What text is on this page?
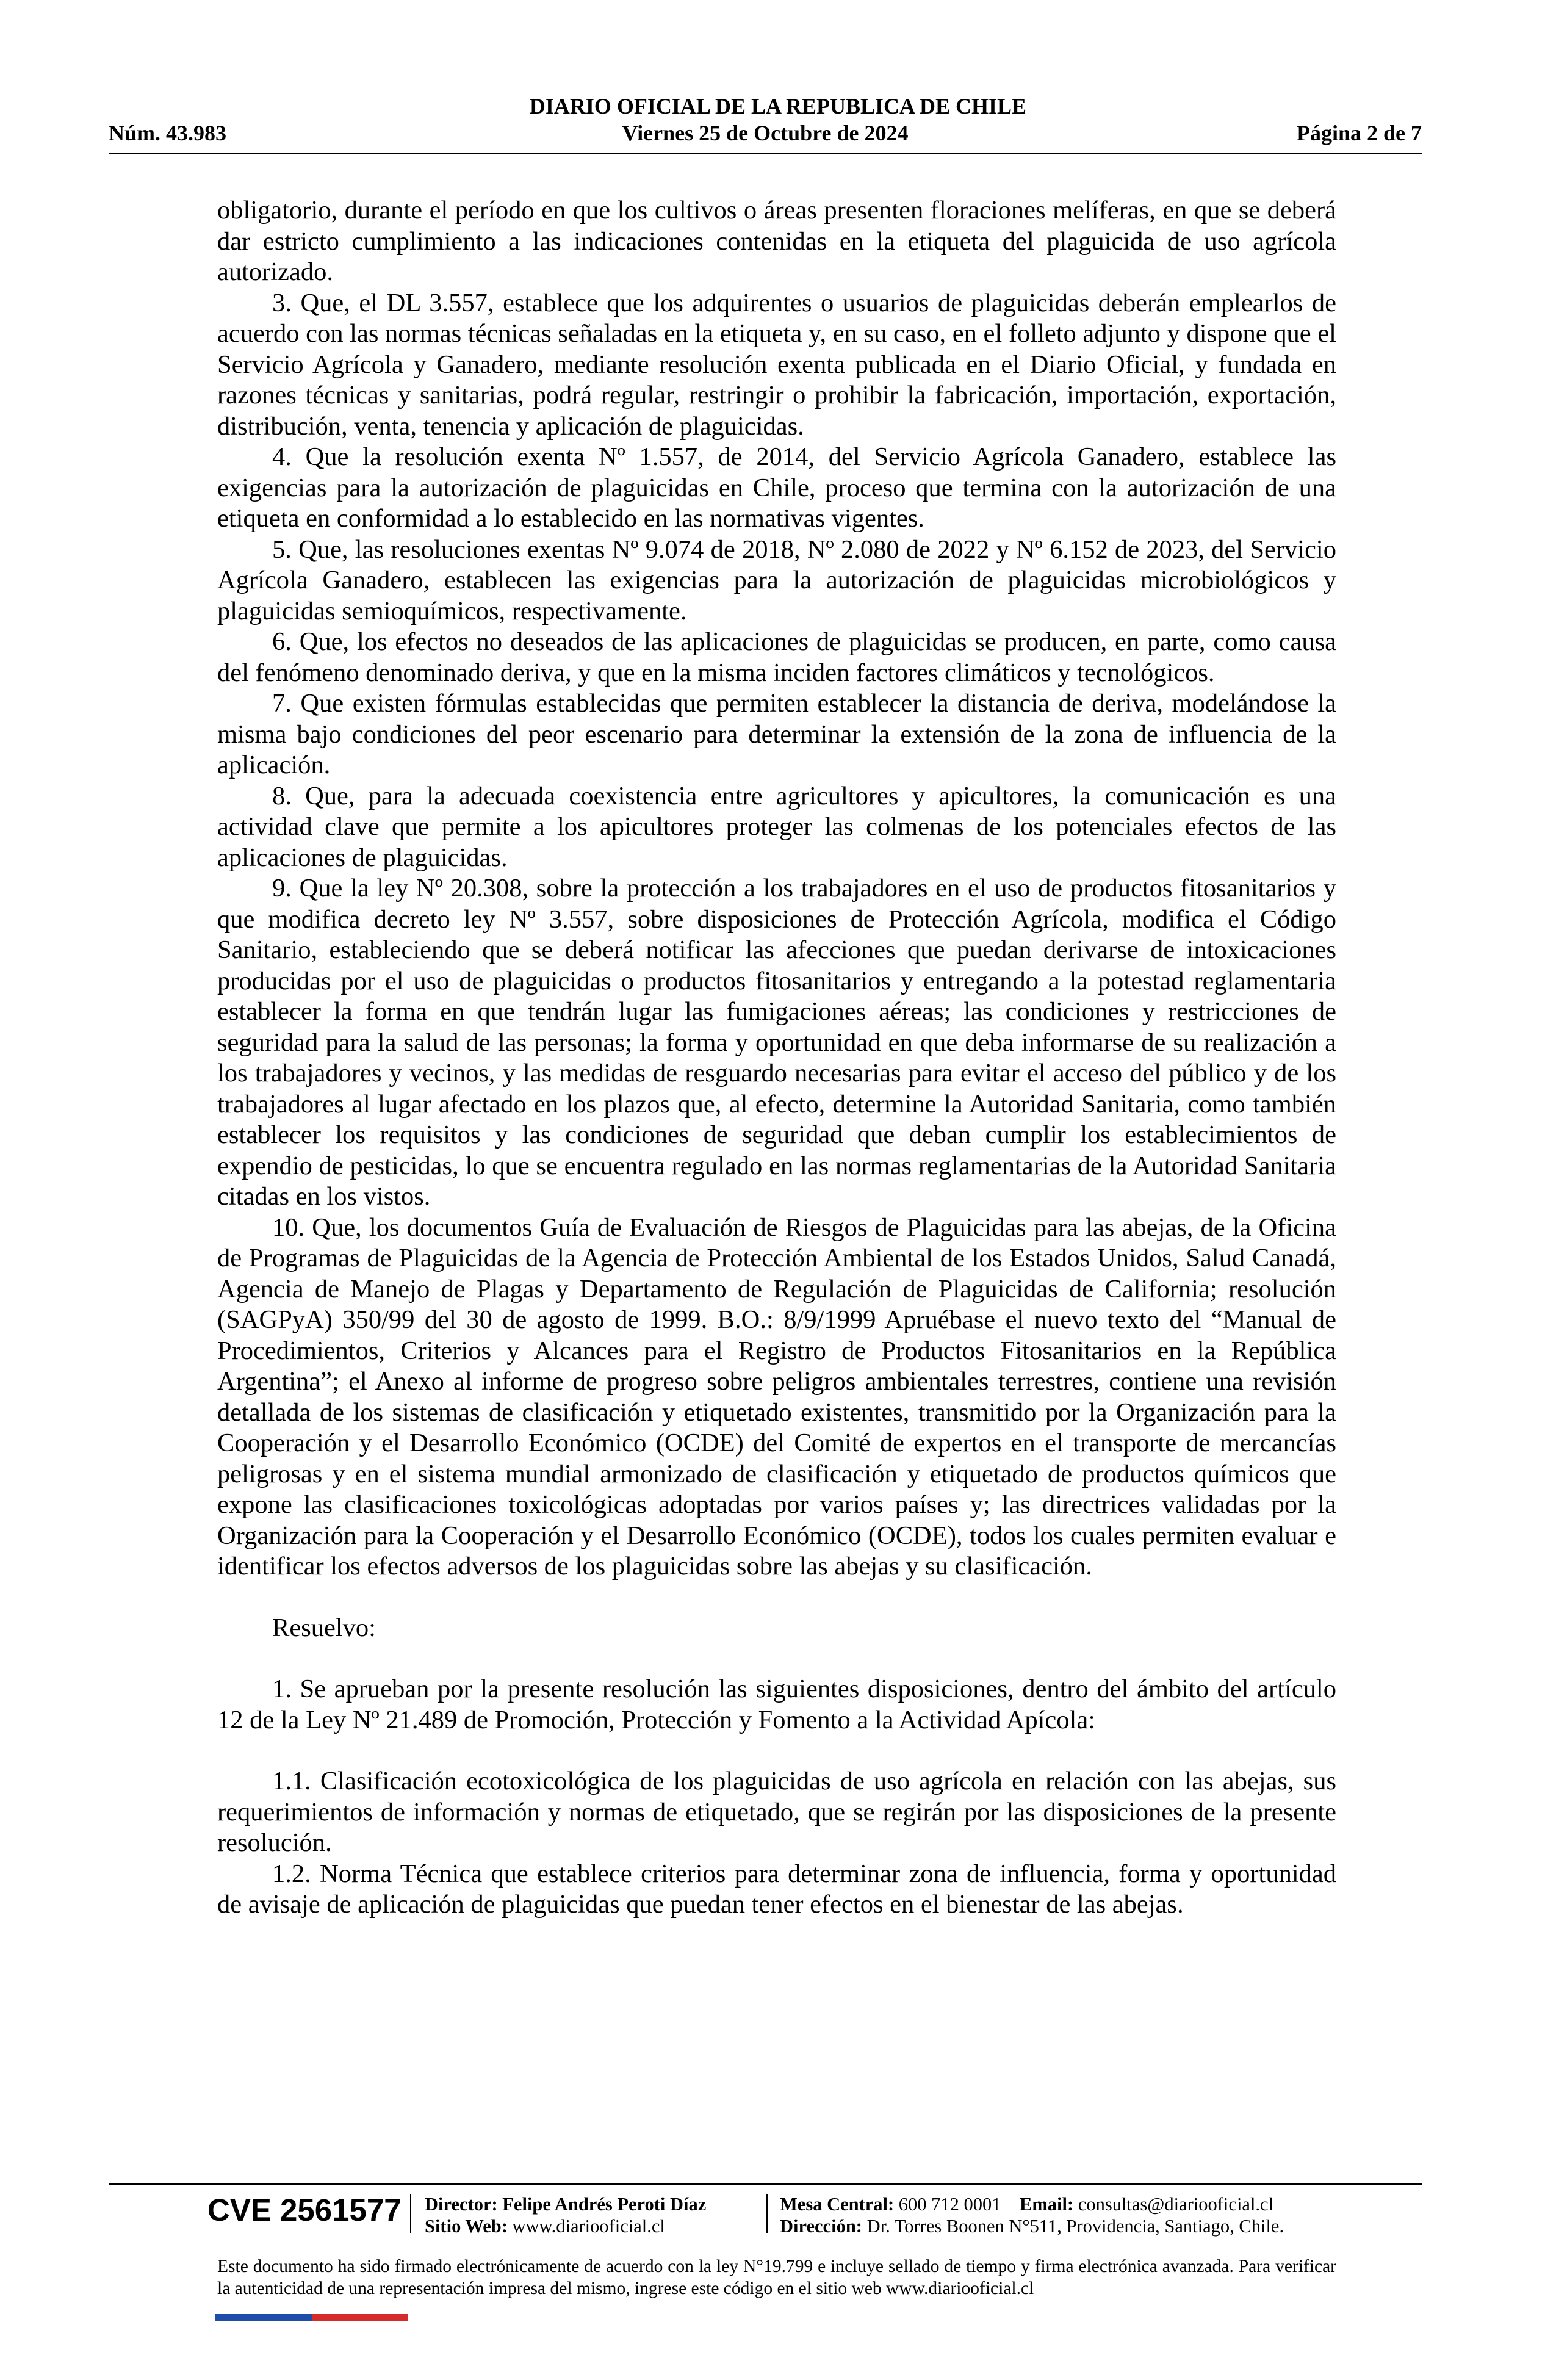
DIARIO OFICIAL DE LA REPUBLICA DE CHILE
Núm. 43.983	Viernes 25 de Octubre de 2024	Página 2 de 7

obligatorio, durante el período en que los cultivos o áreas presenten floraciones melíferas, en que se deberá dar estricto cumplimiento a las indicaciones contenidas en la etiqueta del plaguicida de uso agrícola autorizado.

3. Que, el DL 3.557, establece que los adquirentes o usuarios de plaguicidas deberán emplearlos de acuerdo con las normas técnicas señaladas en la etiqueta y, en su caso, en el folleto adjunto y dispone que el Servicio Agrícola y Ganadero, mediante resolución exenta publicada en el Diario Oficial, y fundada en razones técnicas y sanitarias, podrá regular, restringir o prohibir la fabricación, importación, exportación, distribución, venta, tenencia y aplicación de plaguicidas.

4. Que la resolución exenta Nº 1.557, de 2014, del Servicio Agrícola Ganadero, establece las exigencias para la autorización de plaguicidas en Chile, proceso que termina con la autorización de una etiqueta en conformidad a lo establecido en las normativas vigentes.

5. Que, las resoluciones exentas Nº 9.074 de 2018, Nº 2.080 de 2022 y Nº 6.152 de 2023, del Servicio Agrícola Ganadero, establecen las exigencias para la autorización de plaguicidas microbiológicos y plaguicidas semioquímicos, respectivamente.

6. Que, los efectos no deseados de las aplicaciones de plaguicidas se producen, en parte, como causa del fenómeno denominado deriva, y que en la misma inciden factores climáticos y tecnológicos.

7. Que existen fórmulas establecidas que permiten establecer la distancia de deriva, modelándose la misma bajo condiciones del peor escenario para determinar la extensión de la zona de influencia de la aplicación.

8. Que, para la adecuada coexistencia entre agricultores y apicultores, la comunicación es una actividad clave que permite a los apicultores proteger las colmenas de los potenciales efectos de las aplicaciones de plaguicidas.

9. Que la ley Nº 20.308, sobre la protección a los trabajadores en el uso de productos fitosanitarios y que modifica decreto ley Nº 3.557, sobre disposiciones de Protección Agrícola, modifica el Código Sanitario, estableciendo que se deberá notificar las afecciones que puedan derivarse de intoxicaciones producidas por el uso de plaguicidas o productos fitosanitarios y entregando a la potestad reglamentaria establecer la forma en que tendrán lugar las fumigaciones aéreas; las condiciones y restricciones de seguridad para la salud de las personas; la forma y oportunidad en que deba informarse de su realización a los trabajadores y vecinos, y las medidas de resguardo necesarias para evitar el acceso del público y de los trabajadores al lugar afectado en los plazos que, al efecto, determine la Autoridad Sanitaria, como también establecer los requisitos y las condiciones de seguridad que deban cumplir los establecimientos de expendio de pesticidas, lo que se encuentra regulado en las normas reglamentarias de la Autoridad Sanitaria citadas en los vistos.

10. Que, los documentos Guía de Evaluación de Riesgos de Plaguicidas para las abejas, de la Oficina de Programas de Plaguicidas de la Agencia de Protección Ambiental de los Estados Unidos, Salud Canadá, Agencia de Manejo de Plagas y Departamento de Regulación de Plaguicidas de California; resolución (SAGPyA) 350/99 del 30 de agosto de 1999. B.O.: 8/9/1999 Apruébase el nuevo texto del “Manual de Procedimientos, Criterios y Alcances para el Registro de Productos Fitosanitarios en la República Argentina”; el Anexo al informe de progreso sobre peligros ambientales terrestres, contiene una revisión detallada de los sistemas de clasificación y etiquetado existentes, transmitido por la Organización para la Cooperación y el Desarrollo Económico (OCDE) del Comité de expertos en el transporte de mercancías peligrosas y en el sistema mundial armonizado de clasificación y etiquetado de productos químicos que expone las clasificaciones toxicológicas adoptadas por varios países y; las directrices validadas por la Organización para la Cooperación y el Desarrollo Económico (OCDE), todos los cuales permiten evaluar e identificar los efectos adversos de los plaguicidas sobre las abejas y su clasificación.

Resuelvo:

1. Se aprueban por la presente resolución las siguientes disposiciones, dentro del ámbito del artículo 12 de la Ley Nº 21.489 de Promoción, Protección y Fomento a la Actividad Apícola:

1.1. Clasificación ecotoxicológica de los plaguicidas de uso agrícola en relación con las abejas, sus requerimientos de información y normas de etiquetado, que se regirán por las disposiciones de la presente resolución.

1.2. Norma Técnica que establece criterios para determinar zona de influencia, forma y oportunidad de avisaje de aplicación de plaguicidas que puedan tener efectos en el bienestar de las abejas.

CVE 2561577 Director: Felipe Andrés Peroti Díaz
Sitio Web: www.diariooficial.cl
Mesa Central: 600 712 0001 Email: consultas@diariooficial.cl
Dirección: Dr. Torres Boonen N°511, Providencia, Santiago, Chile.
Este documento ha sido firmado electrónicamente de acuerdo con la ley N°19.799 e incluye sellado de tiempo y firma electrónica avanzada. Para verificar la autenticidad de una representación impresa del mismo, ingrese este código en el sitio web www.diariooficial.cl
